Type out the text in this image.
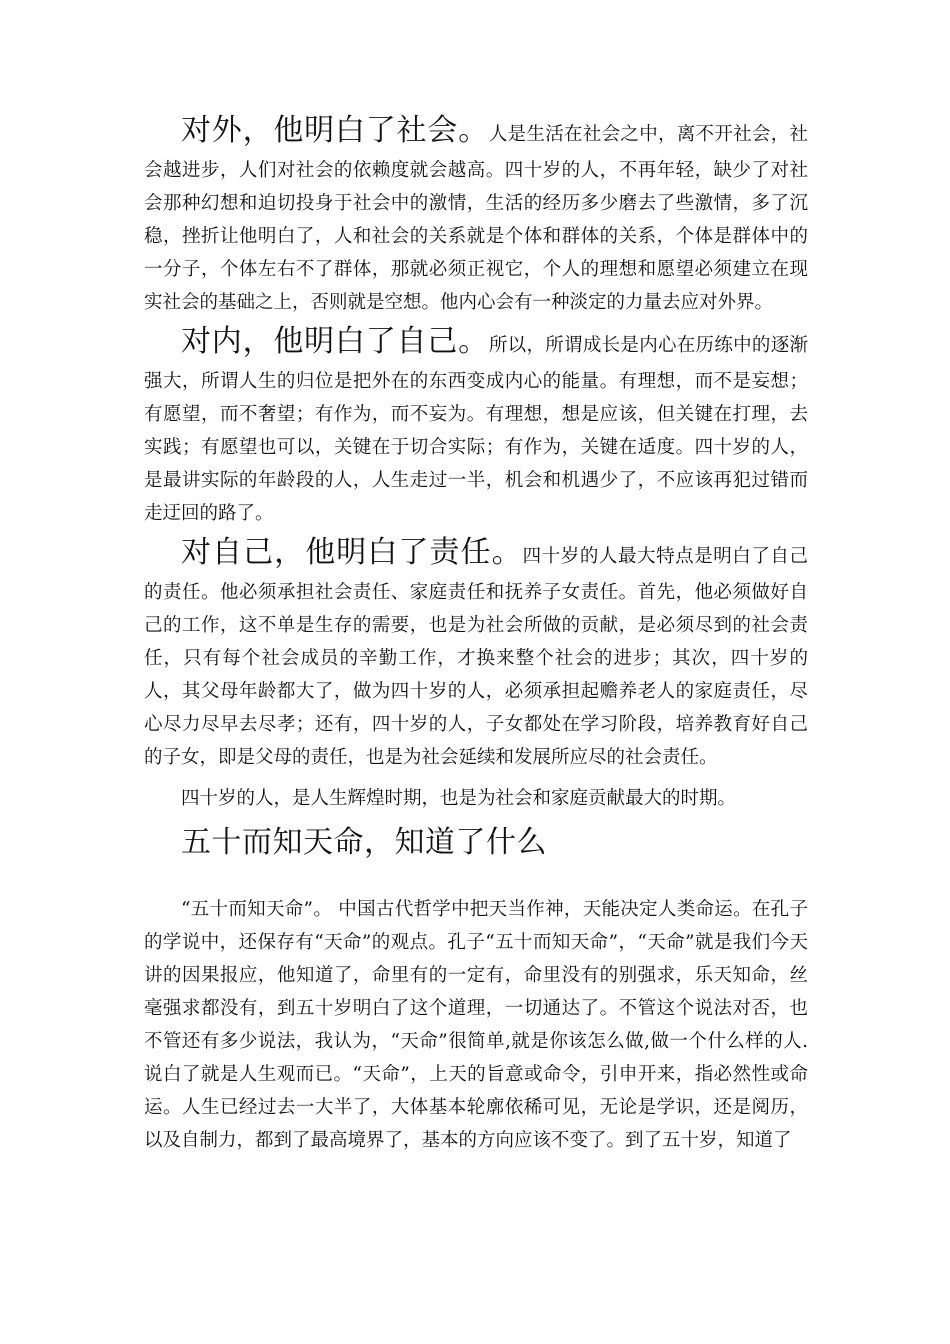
对外，他明白了社会。人是生活在社会之中，离不开社会，社会越进步，人们对社会的依赖度就会越高。四十岁的人，不再年轻，缺少了对社会那种幻想和迫切投身于社会中的激情，生活的经历多少磨去了些激情，多了沉稳，挫折让他明白了，人和社会的关系就是个体和群体的关系，个体是群体中的一分子，个体左右不了群体，那就必须正视它，个人的理想和愿望必须建立在现实社会的基础之上，否则就是空想。他内心会有一种淡定的力量去应对外界。

对内，他明白了自己。所以，所谓成长是内心在历练中的逐渐强大，所谓人生的归位是把外在的东西变成内心的能量。有理想，而不是妄想；有愿望，而不奢望；有作为，而不妄为。有理想，想是应该，但关键在打理，去实践；有愿望也可以，关键在于切合实际；有作为，关键在适度。四十岁的人，是最讲实际的年龄段的人，人生走过一半，机会和机遇少了，不应该再犯过错而走迂回的路了。

对自己，他明白了责任。四十岁的人最大特点是明白了自己的责任。他必须承担社会责任、家庭责任和抚养子女责任。首先，他必须做好自己的工作，这不单是生存的需要，也是为社会所做的贡献，是必须尽到的社会责任，只有每个社会成员的辛勤工作，才换来整个社会的进步；其次，四十岁的人，其父母年龄都大了，做为四十岁的人，必须承担起赡养老人的家庭责任，尽心尽力尽早去尽孝；还有，四十岁的人，子女都处在学习阶段，培养教育好自己的子女，即是父母的责任，也是为社会延续和发展所应尽的社会责任。

四十岁的人，是人生辉煌时期，也是为社会和家庭贡献最大的时期。

五十而知天命，知道了什么

“五十而知天命”。 中国古代哲学中把天当作神，天能决定人类命运。在孔子的学说中，还保存有“天命”的观点。孔子“五十而知天命”，“天命”就是我们今天讲的因果报应，他知道了，命里有的一定有，命里没有的别强求，乐天知命，丝毫强求都没有，到五十岁明白了这个道理，一切通达了。不管这个说法对否，也不管还有多少说法，我认为，“天命”很简单,就是你该怎么做,做一个什么样的人.说白了就是人生观而已。“天命”，上天的旨意或命令，引申开来，指必然性或命运。人生已经过去一大半了，大体基本轮廓依稀可见，无论是学识，还是阅历，以及自制力，都到了最高境界了，基本的方向应该不变了。到了五十岁，知道了
